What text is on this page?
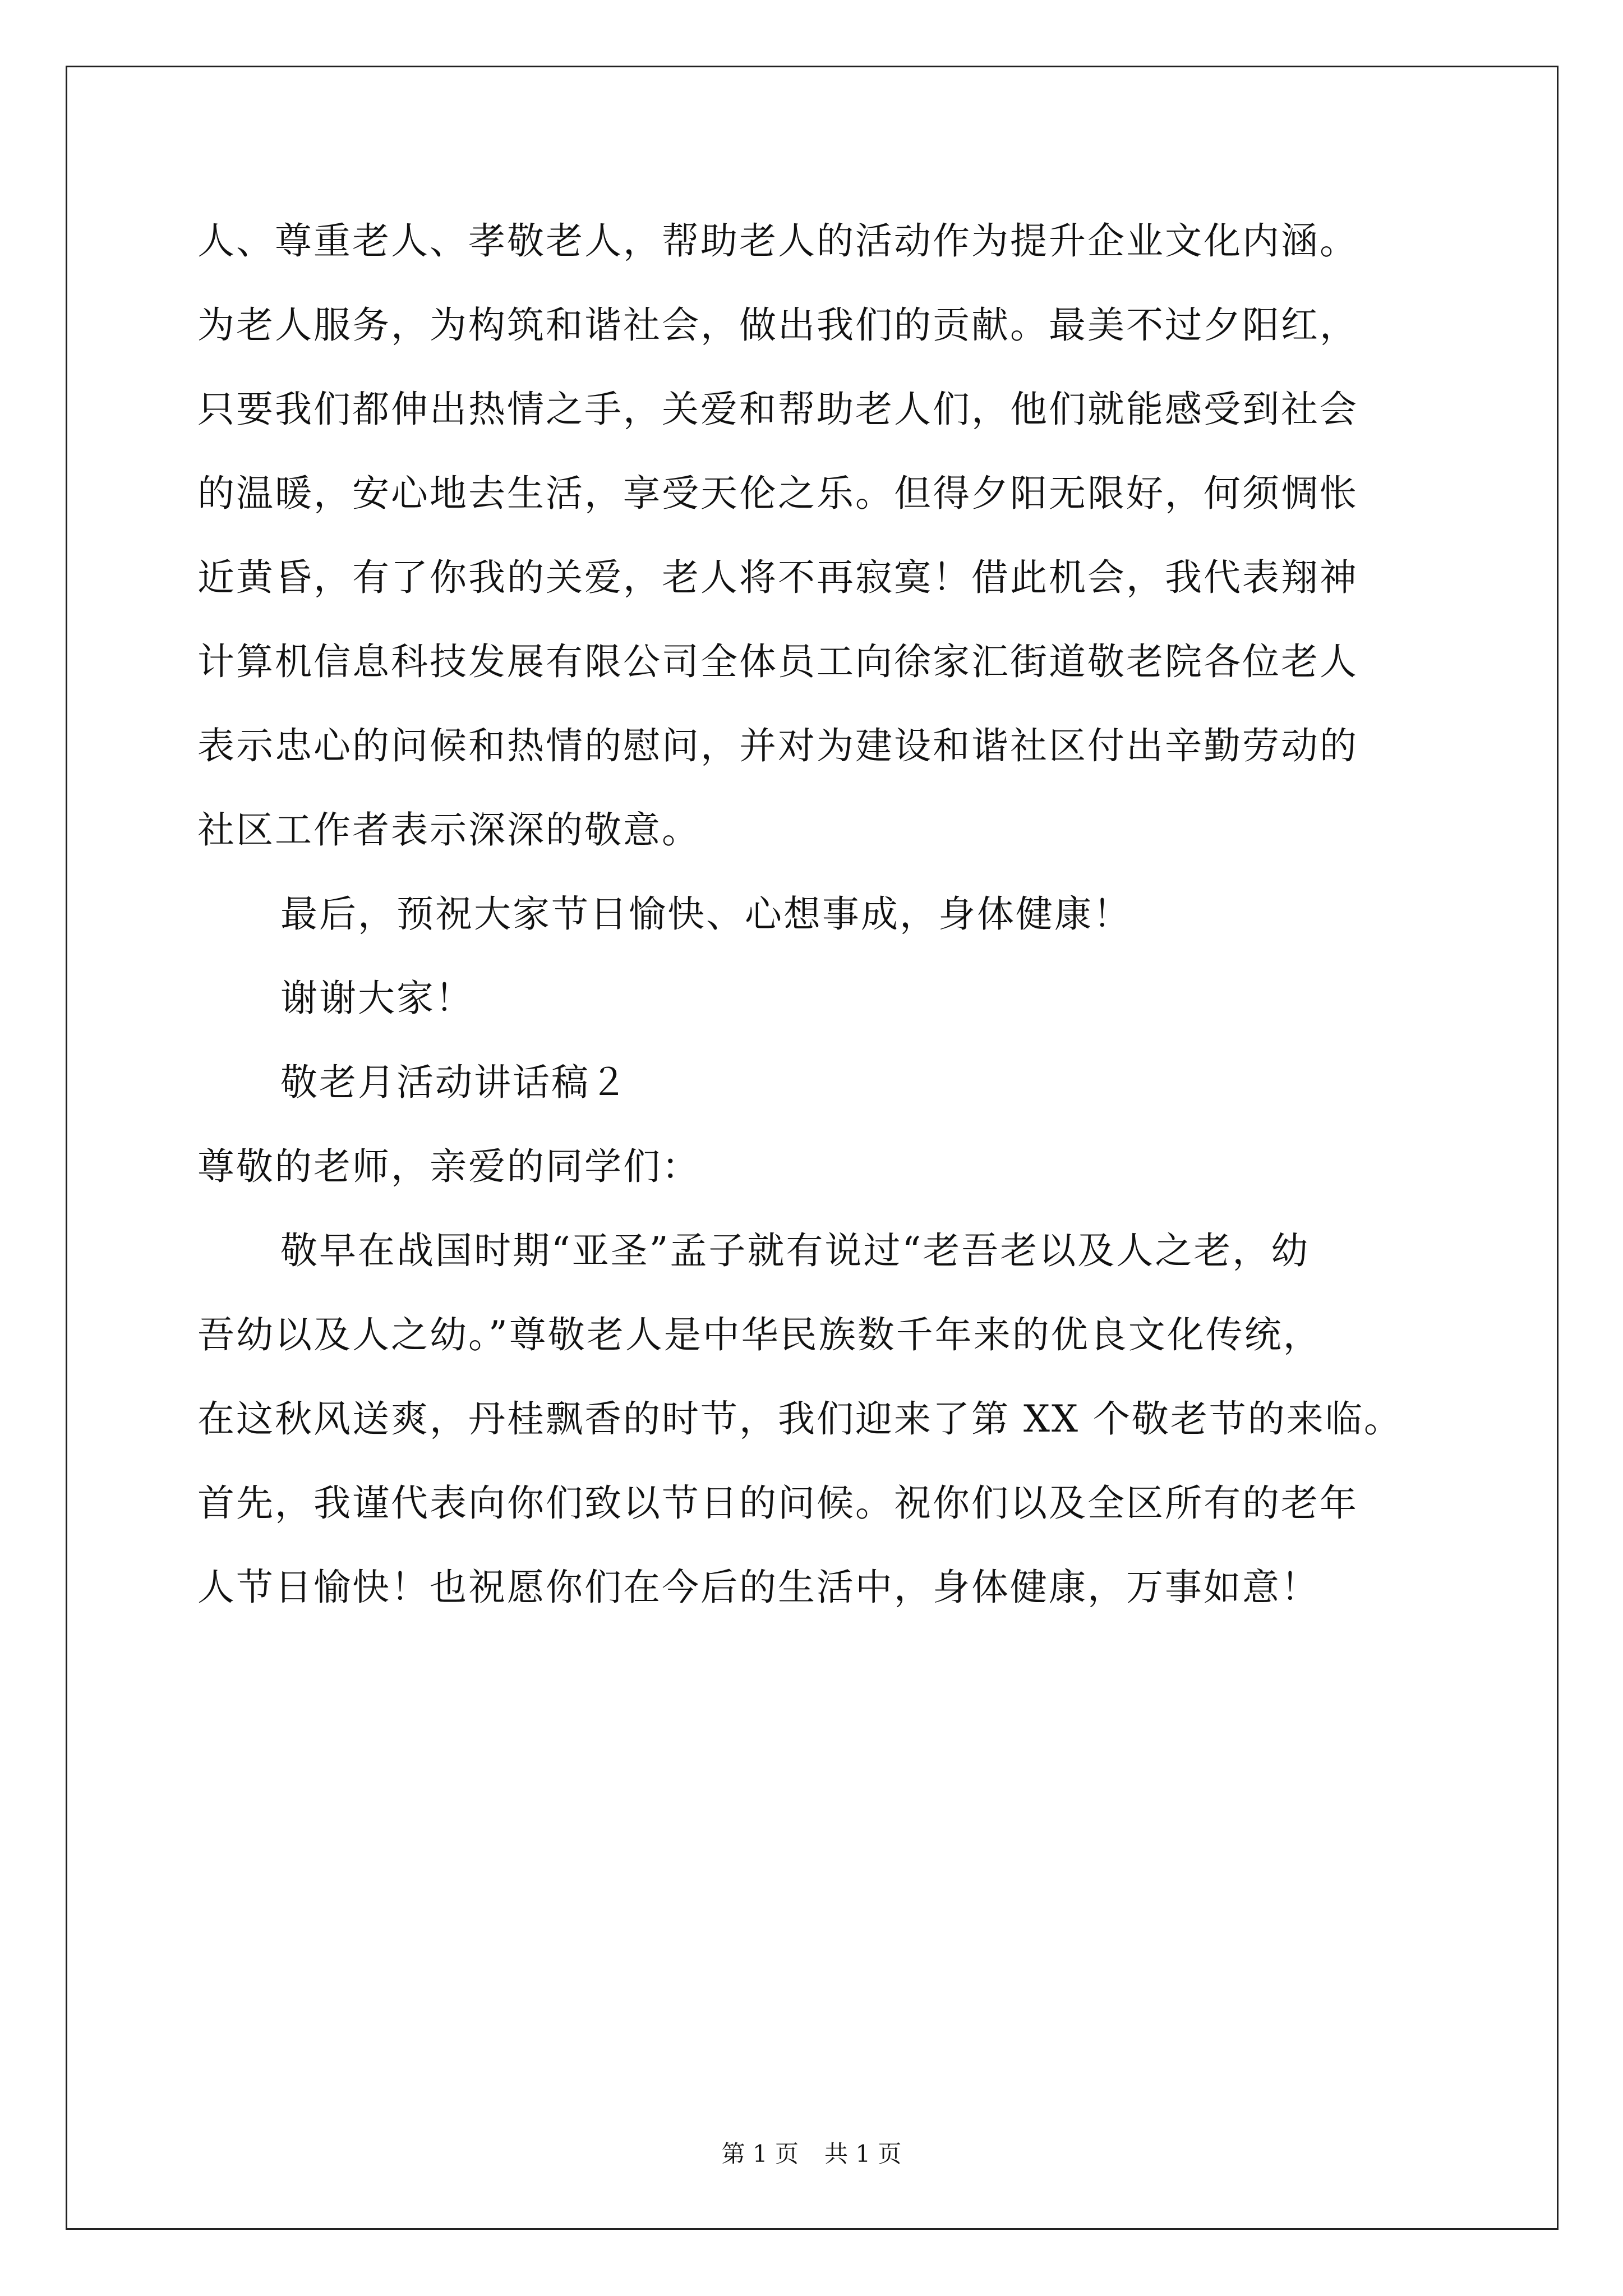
人、尊重老人、孝敬老人，帮助老人的活动作为提升企业文化内涵。
为老人服务，为构筑和谐社会，做出我们的贡献。最美不过夕阳红，
只要我们都伸出热情之手，关爱和帮助老人们，他们就能感受到社会
的温暖，安心地去生活，享受天伦之乐。但得夕阳无限好，何须惆怅
近黄昏，有了你我的关爱，老人将不再寂寞！借此机会，我代表翔神
计算机信息科技发展有限公司全体员工向徐家汇街道敬老院各位老人
表示忠心的问候和热情的慰问，并对为建设和谐社区付出辛勤劳动的
社区工作者表示深深的敬意。
最后，预祝大家节日愉快、心想事成，身体健康！
谢谢大家！
敬老月活动讲话稿２
尊敬的老师，亲爱的同学们：
敬早在战国时期“亚圣”孟子就有说过“老吾老以及人之老，幼
吾幼以及人之幼。”尊敬老人是中华民族数千年来的优良文化传统，
在这秋风送爽，丹桂飘香的时节，我们迎来了第 XX 个敬老节的来临。
首先，我谨代表向你们致以节日的问候。祝你们以及全区所有的老年
人节日愉快！也祝愿你们在今后的生活中，身体健康，万事如意！
第 1 页 共 1 页
